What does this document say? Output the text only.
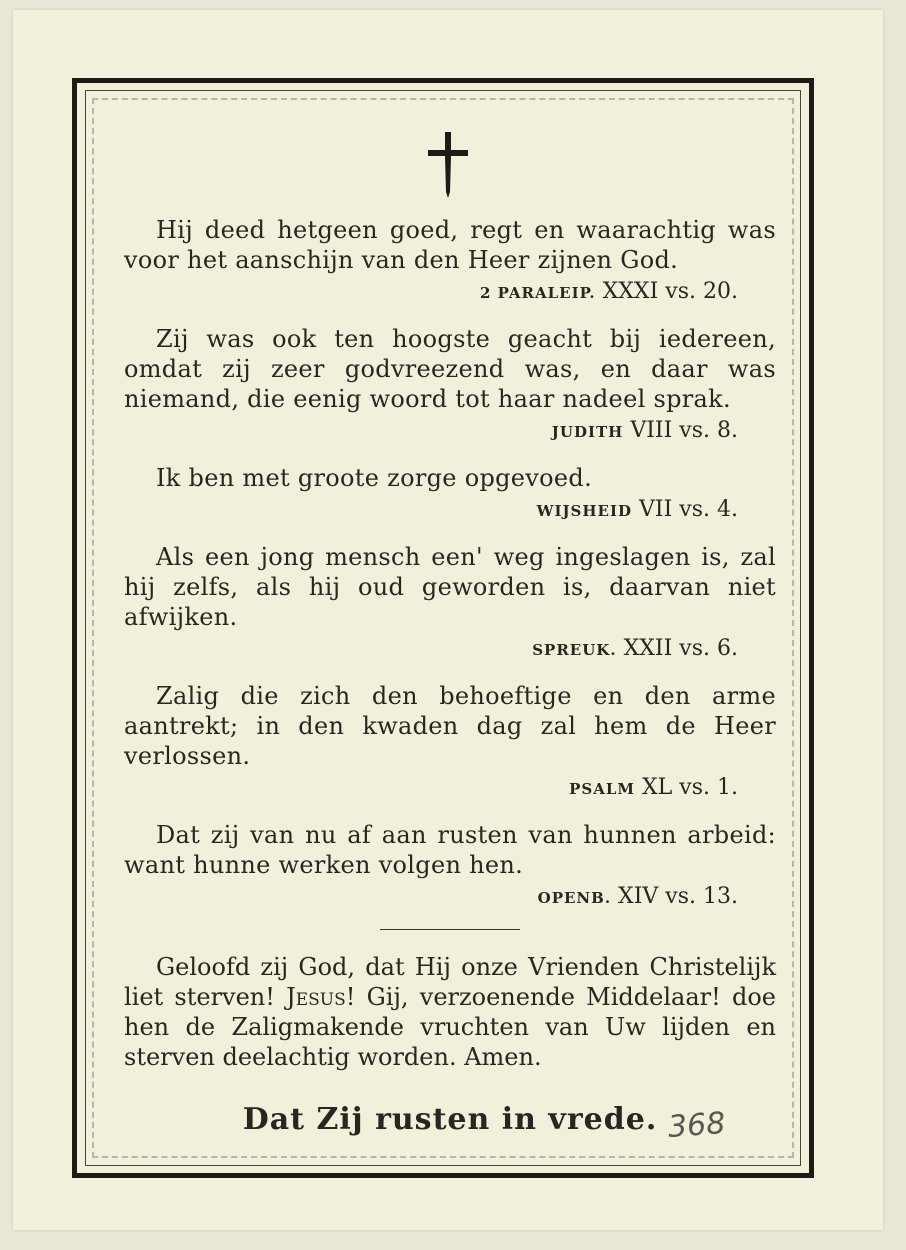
Hij deed hetgeen goed, regt en waarachtig was voor het aanschijn van den Heer zijnen God.

2 PARALEIP. XXXI vs. 20.

Zij was ook ten hoogste geacht bij iedereen, omdat zij zeer godvreezend was, en daar was niemand, die eenig woord tot haar nadeel sprak.

JUDITH VIII vs. 8.

Ik ben met groote zorge opgevoed.

WIJSHEID VII vs. 4.

Als een jong mensch een' weg ingeslagen is, zal hij zelfs, als hij oud geworden is, daarvan niet afwijken.

SPREUK. XXII vs. 6.

Zalig die zich den behoeftige en den arme aantrekt; in den kwaden dag zal hem de Heer verlossen.

PSALM XL vs. 1.

Dat zij van nu af aan rusten van hunnen arbeid: want hunne werken volgen hen.

OPENB. XIV vs. 13.

Geloofd zij God, dat Hij onze Vrienden Christelijk liet sterven! Jesus! Gij, verzoenende Middelaar! doe hen de Zaligmakende vruchten van Uw lijden en sterven deelachtig worden. Amen.

Dat Zij rusten in vrede. 368
